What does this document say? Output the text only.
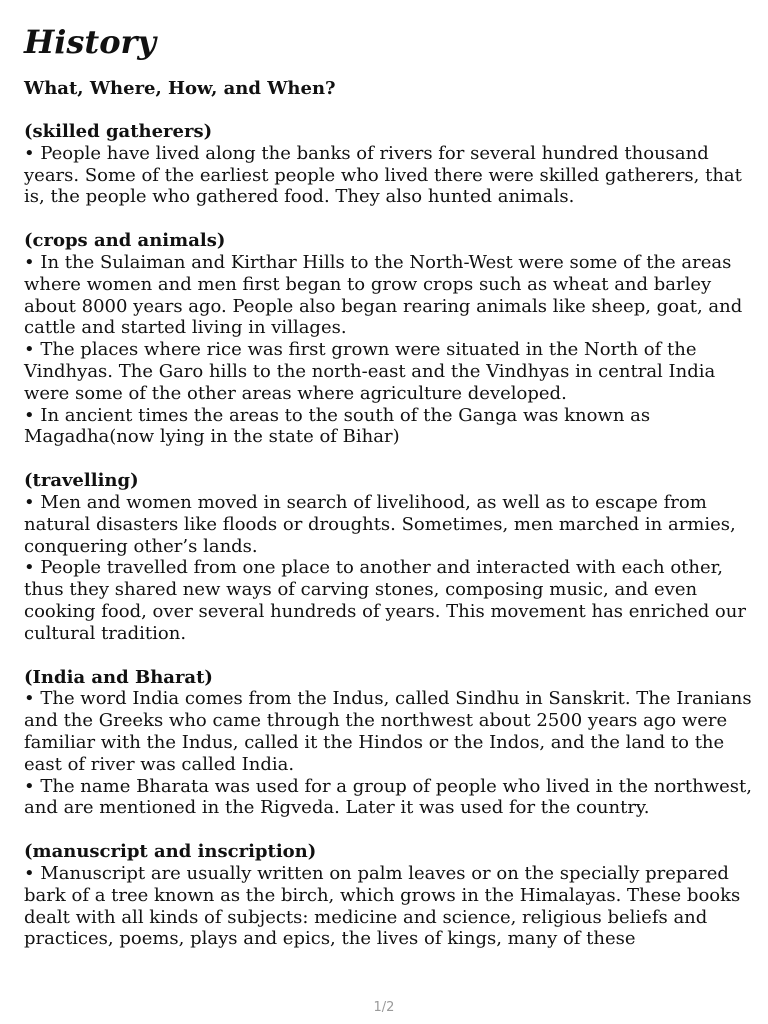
History
What, Where, How, and When?
(skilled gatherers)

• People have lived along the banks of rivers for several hundred thousand years. Some of the earliest people who lived there were skilled gatherers, that is, the people who gathered food. They also hunted animals.

(crops and animals)

• In the Sulaiman and Kirthar Hills to the North-West were some of the areas where women and men first began to grow crops such as wheat and barley about 8000 years ago. People also began rearing animals like sheep, goat, and cattle and started living in villages.

• The places where rice was first grown were situated in the North of the Vindhyas. The Garo hills to the north-east and the Vindhyas in central India were some of the other areas where agriculture developed.

• In ancient times the areas to the south of the Ganga was known as Magadha(now lying in the state of Bihar)

(travelling)

• Men and women moved in search of livelihood, as well as to escape from natural disasters like floods or droughts. Sometimes, men marched in armies, conquering other’s lands.

• People travelled from one place to another and interacted with each other, thus they shared new ways of carving stones, composing music, and even cooking food, over several hundreds of years. This movement has enriched our cultural tradition.

(India and Bharat)

• The word India comes from the Indus, called Sindhu in Sanskrit. The Iranians and the Greeks who came through the northwest about 2500 years ago were familiar with the Indus, called it the Hindos or the Indos, and the land to the east of river was called India.

• The name Bharata was used for a group of people who lived in the northwest, and are mentioned in the Rigveda. Later it was used for the country.

(manuscript and inscription)

• Manuscript are usually written on palm leaves or on the specially prepared bark of a tree known as the birch, which grows in the Himalayas. These books dealt with all kinds of subjects: medicine and science, religious beliefs and practices, poems, plays and epics, the lives of kings, many of these

1/2
